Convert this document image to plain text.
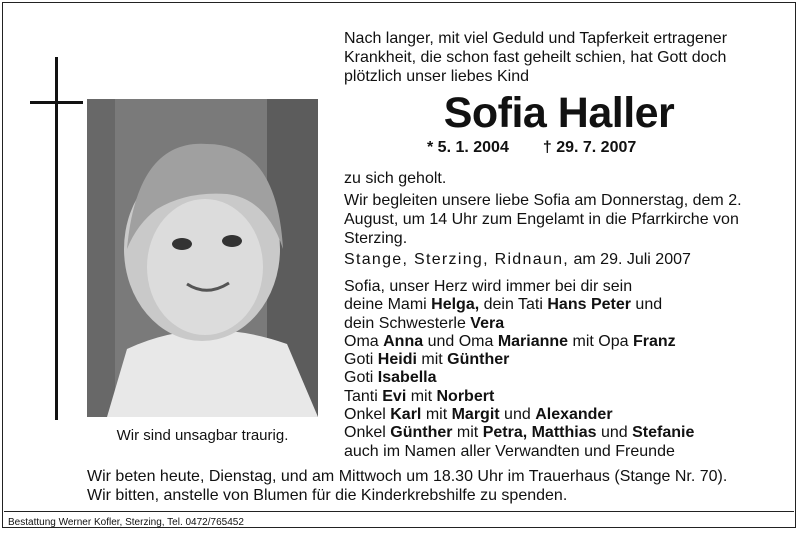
Wir sind unsagbar traurig.
Nach langer, mit viel Geduld und Tapferkeit ertragener Krankheit, die schon fast geheilt schien, hat Gott doch plötzlich unser liebes Kind
Sofia Haller
* 5. 1. 2004 † 29. 7. 2007
zu sich geholt.
Wir begleiten unsere liebe Sofia am Donnerstag, dem 2. August, um 14 Uhr zum Engelamt in die Pfarrkirche von Sterzing.
Stange, Sterzing, Ridnaun, am 29. Juli 2007
Sofia, unser Herz wird immer bei dir sein
deine Mami Helga, dein Tati Hans Peter und
dein Schwesterle Vera
Oma Anna und Oma Marianne mit Opa Franz
Goti Heidi mit Günther
Goti Isabella
Tanti Evi mit Norbert
Onkel Karl mit Margit und Alexander
Onkel Günther mit Petra, Matthias und Stefanie
auch im Namen aller Verwandten und Freunde
Wir beten heute, Dienstag, und am Mittwoch um 18.30 Uhr im Trauerhaus (Stange Nr. 70).
Wir bitten, anstelle von Blumen für die Kinderkrebshilfe zu spenden.
Bestattung Werner Kofler, Sterzing, Tel. 0472/765452
